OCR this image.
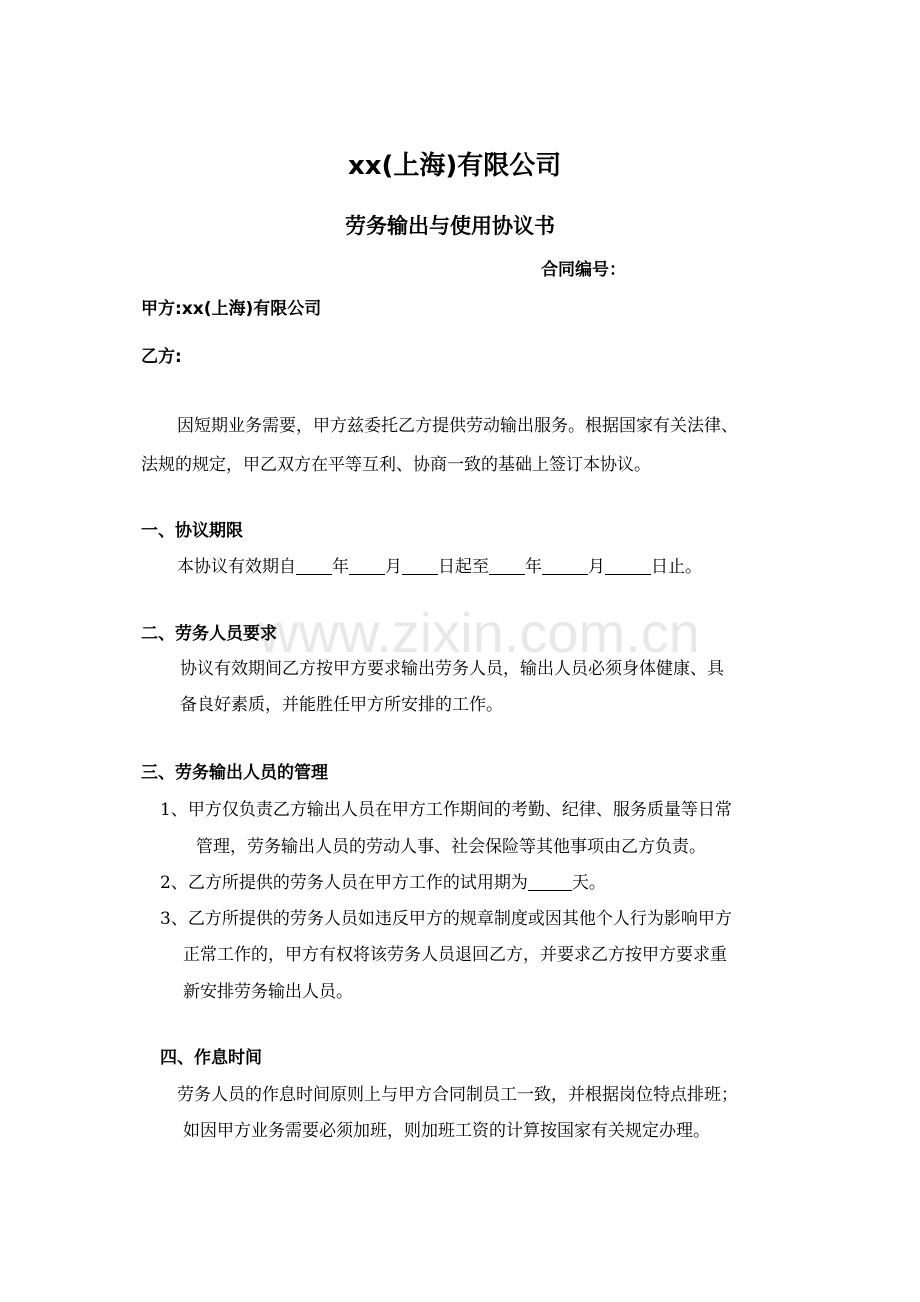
xx(上海)有限公司
劳务输出与使用协议书
合同编号：
甲方:xx(上海)有限公司
乙方:
因短期业务需要，甲方兹委托乙方提供劳动输出服务。根据国家有关法律、
法规的规定，甲乙双方在平等互利、协商一致的基础上签订本协议。
一、协议期限
本协议有效期自 年 月 日起至 年	月	日止。
www.zixin.com.cn
二、劳务人员要求
协议有效期间乙方按甲方要求输出劳务人员，输出人员必须身体健康、具
备良好素质，并能胜任甲方所安排的工作。
三、劳务输出人员的管理
1、甲方仅负责乙方输出人员在甲方工作期间的考勤、纪律、服务质量等日常
管理，劳务输出人员的劳动人事、社会保险等其他事项由乙方负责。
2、乙方所提供的劳务人员在甲方工作的试用期为	天。
3、乙方所提供的劳务人员如违反甲方的规章制度或因其他个人行为影响甲方
正常工作的，甲方有权将该劳务人员退回乙方，并要求乙方按甲方要求重
新安排劳务输出人员。
四、作息时间
劳务人员的作息时间原则上与甲方合同制员工一致，并根据岗位特点排班；
如因甲方业务需要必须加班，则加班工资的计算按国家有关规定办理。
